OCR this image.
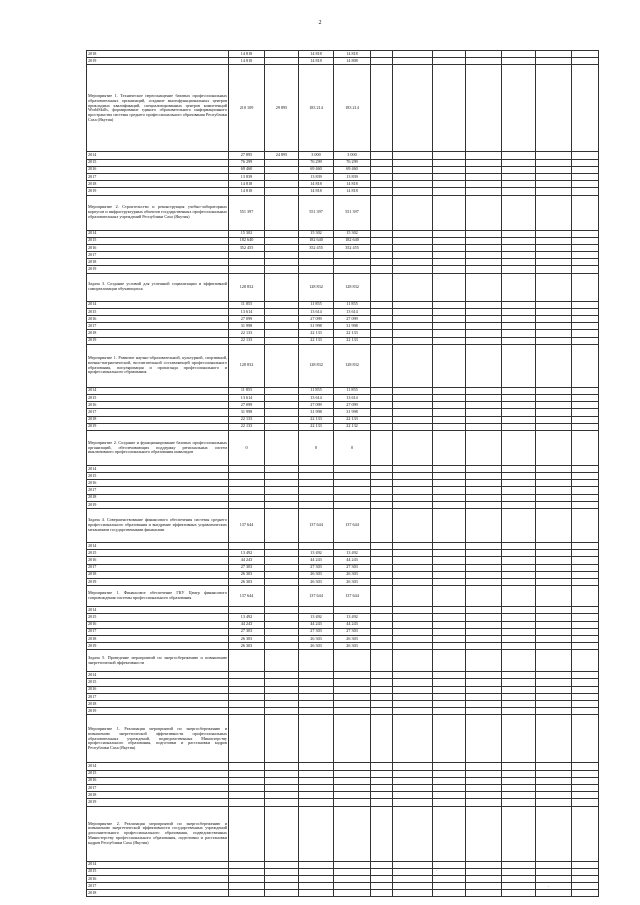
2
2018	14 818		14 818	14 818							
2019	14 818		14 818	14 808							
Мероприятие 1. Техническое переоснащение базовых профессиональных образовательных организаций, создание многофункциональных центров прикладных квалификаций, специализированных центров компетенций WorldSkills, формирование единого образовательного информационного пространства системы среднего профессионального образования Республики Саха (Якутия)	210 109	29 895	183 214	183 214							
2014	27 895	24 895	3 000	3 000							
2015	76 299		76 299	76 299							
2016	69 460		69 460	69 460							
2017	13 839		13 839	13 839							
2018	14 818		14 818	14 818							
2019	14 818		14 818	14 818							
Мероприятие 2. Строительство и реконструкция учебно-лабораторных корпусов и инфраструктурных объектов государственных профессиональных образовательных учреждений Республики Саха (Якутия)	551 397		551 397	551 397							
2014	15 302		15 302	15 302							
2015	182 640		182 640	182 640							
2016	352 455		352 455	352 455							
2017											
2018											
2019											
Задача 3. Создание условий для успешной социализации и эффективной самореализации обучающихся	128 832		128 832	128 832							
2014	11 855		11 855	11 855							
2015	13 614		13 614	13 614							
2016	27 099		27 099	27 099							
2017	31 998		31 998	31 998							
2018	22 133		22 133	22 133							
2019	22 133		22 133	22 133							
Мероприятие 1. Развитие научно-образовательной, культурной, спортивной, военно-патриотической, воспитательной составляющей профессионального образования, популяризация и пропаганда профессионального и профессионального образования	128 832		128 832	128 832							
2014	11 855		11 855	11 855							
2015	13 614		13 614	13 614							
2016	27 099		27 099	27 099							
2017	31 998		31 998	31 998							
2018	22 133		22 133	22 133							
2019	22 133		22 133	22 132							
Мероприятие 2. Создание и функционирование базовых профессиональных организаций, обеспечивающих поддержку региональных систем инклюзивного профессионального образования инвалидов	0		0	0							
2014											
2015											
2016											
2017											
2018											
2019											
Задача 4. Совершенствование финансового обеспечения системы среднего профессионального образования и внедрение эффективных управленческих механизмов государственными финансами	137 644		137 644	137 644							
2014											
2015	13 492		13 492	13 492							
2016	44 243		44 243	44 243							
2017	27 303		27 303	27 303							
2018	26 303		26 303	26 303							
2019	26 303		26 303	26 303							
Мероприятие 1. Финансовое обеспечение ГКУ Центр финансового сопровождения системы профессионального образования	137 644		137 644	137 644							
2014											
2015	13 492		13 492	13 492							
2016	44 243		44 243	44 243							
2017	27 303		27 303	27 303							
2018	26 303		26 303	26 303							
2019	26 303		26 303	26 303							
Задача 5. Проведение мероприятий по энергосбережению и повышению энергетической эффективности											
2014											
2015											
2016											
2017											
2018											
2019											
Мероприятие 1. Реализация мероприятий по энергосбережению и повышению энергетической эффективности профессиональных образовательных учреждений, подведомственных Министерству профессионального образования, подготовки и расстановки кадров Республики Саха (Якутия)											
2014											
2015											
2016											
2017											
2018											
2019											
Мероприятие 2. Реализация мероприятий по энергосбережению и повышению энергетической эффективности государственных учреждений дополнительного профессионального образования, подведомственных Министерству профессионального образования, подготовки и расстановки кадров Республики Саха (Якутия)											
2014											
2015											
2016											
2017											
2018											
·
·
